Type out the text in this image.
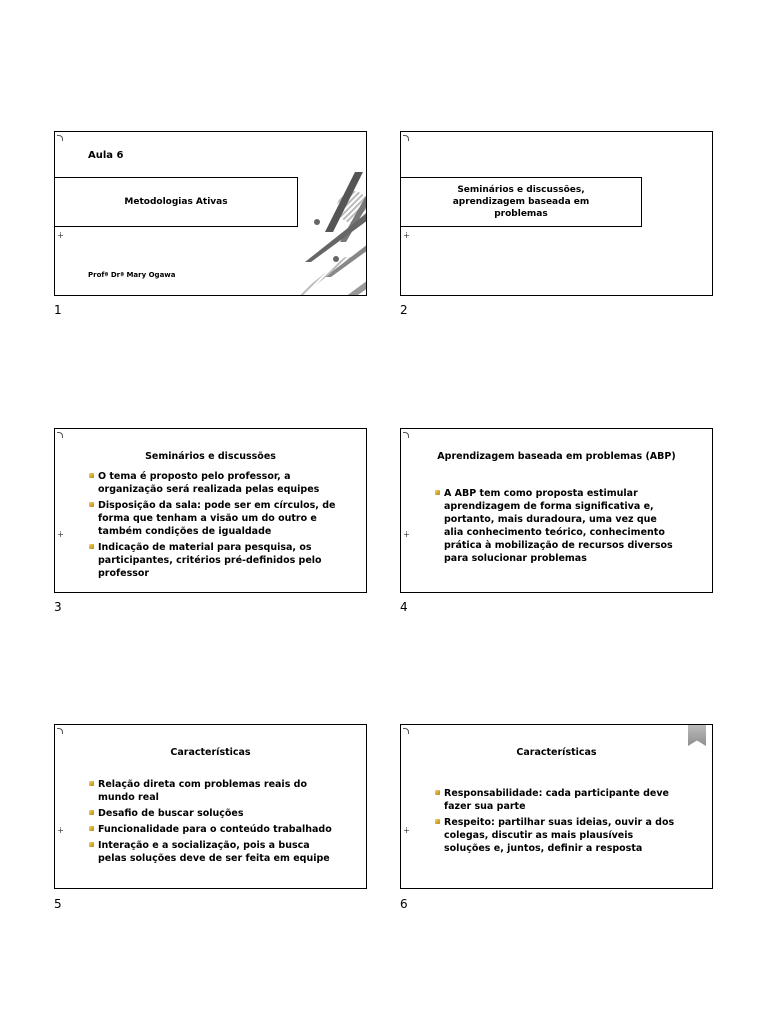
∔
Aula 6
Metodologias Ativas
Profª Drª Mary Ogawa
1
∔
Seminários e discussões,
aprendizagem baseada em
problemas
2
∔
Seminários e discussões
O tema é proposto pelo professor, a organização será realizada pelas equipes
Disposição da sala: pode ser em círculos, de forma que tenham a visão um do outro e também condições de igualdade
Indicação de material para pesquisa, os participantes, critérios pré-definidos pelo professor
3
∔
Aprendizagem baseada em problemas (ABP)
A ABP tem como proposta estimular aprendizagem de forma significativa e, portanto, mais duradoura, uma vez que alia conhecimento teórico, conhecimento prática à mobilização de recursos diversos para solucionar problemas
4
∔
Características
Relação direta com problemas reais do mundo real
Desafio de buscar soluções
Funcionalidade para o conteúdo trabalhado
Interação e a socialização, pois a busca pelas soluções deve de ser feita em equipe
5
∔
Características
Responsabilidade: cada participante deve fazer sua parte
Respeito: partilhar suas ideias, ouvir a dos colegas, discutir as mais plausíveis soluções e, juntos, definir a resposta
6
